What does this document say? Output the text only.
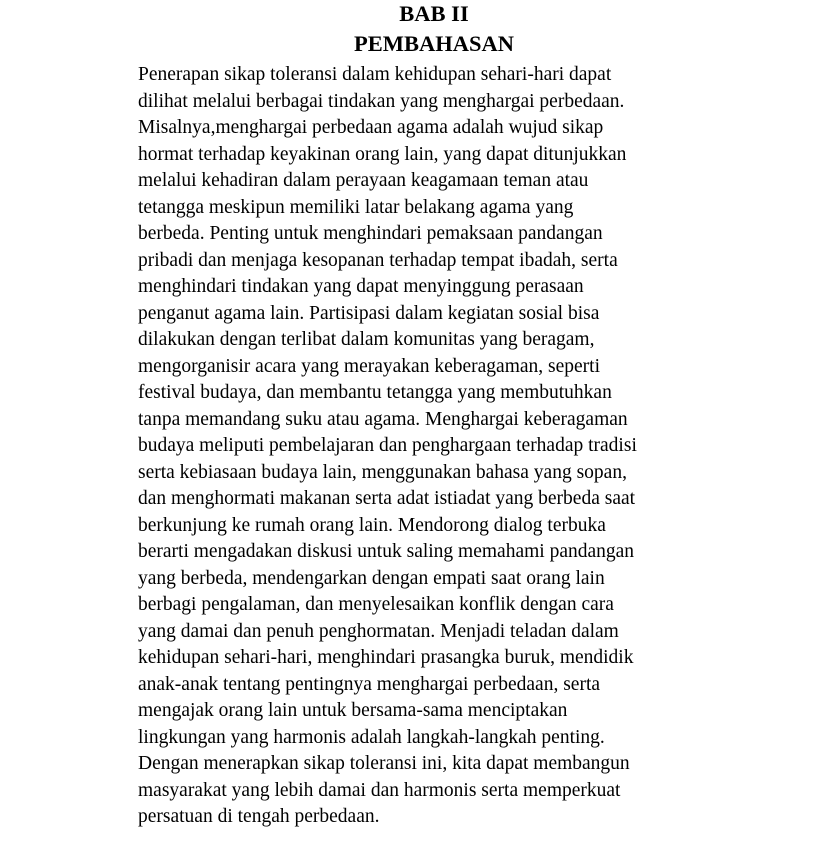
BAB II
PEMBAHASAN

Penerapan sikap toleransi dalam kehidupan sehari-hari dapat
dilihat melalui berbagai tindakan yang menghargai perbedaan.
Misalnya,menghargai perbedaan agama adalah wujud sikap
hormat terhadap keyakinan orang lain, yang dapat ditunjukkan
melalui kehadiran dalam perayaan keagamaan teman atau
tetangga meskipun memiliki latar belakang agama yang
berbeda. Penting untuk menghindari pemaksaan pandangan
pribadi dan menjaga kesopanan terhadap tempat ibadah, serta
menghindari tindakan yang dapat menyinggung perasaan
penganut agama lain. Partisipasi dalam kegiatan sosial bisa
dilakukan dengan terlibat dalam komunitas yang beragam,
mengorganisir acara yang merayakan keberagaman, seperti
festival budaya, dan membantu tetangga yang membutuhkan
tanpa memandang suku atau agama. Menghargai keberagaman
budaya meliputi pembelajaran dan penghargaan terhadap tradisi
serta kebiasaan budaya lain, menggunakan bahasa yang sopan,
dan menghormati makanan serta adat istiadat yang berbeda saat
berkunjung ke rumah orang lain. Mendorong dialog terbuka
berarti mengadakan diskusi untuk saling memahami pandangan
yang berbeda, mendengarkan dengan empati saat orang lain
berbagi pengalaman, dan menyelesaikan konflik dengan cara
yang damai dan penuh penghormatan. Menjadi teladan dalam
kehidupan sehari-hari, menghindari prasangka buruk, mendidik
anak-anak tentang pentingnya menghargai perbedaan, serta
mengajak orang lain untuk bersama-sama menciptakan
lingkungan yang harmonis adalah langkah-langkah penting.
Dengan menerapkan sikap toleransi ini, kita dapat membangun
masyarakat yang lebih damai dan harmonis serta memperkuat
persatuan di tengah perbedaan.
